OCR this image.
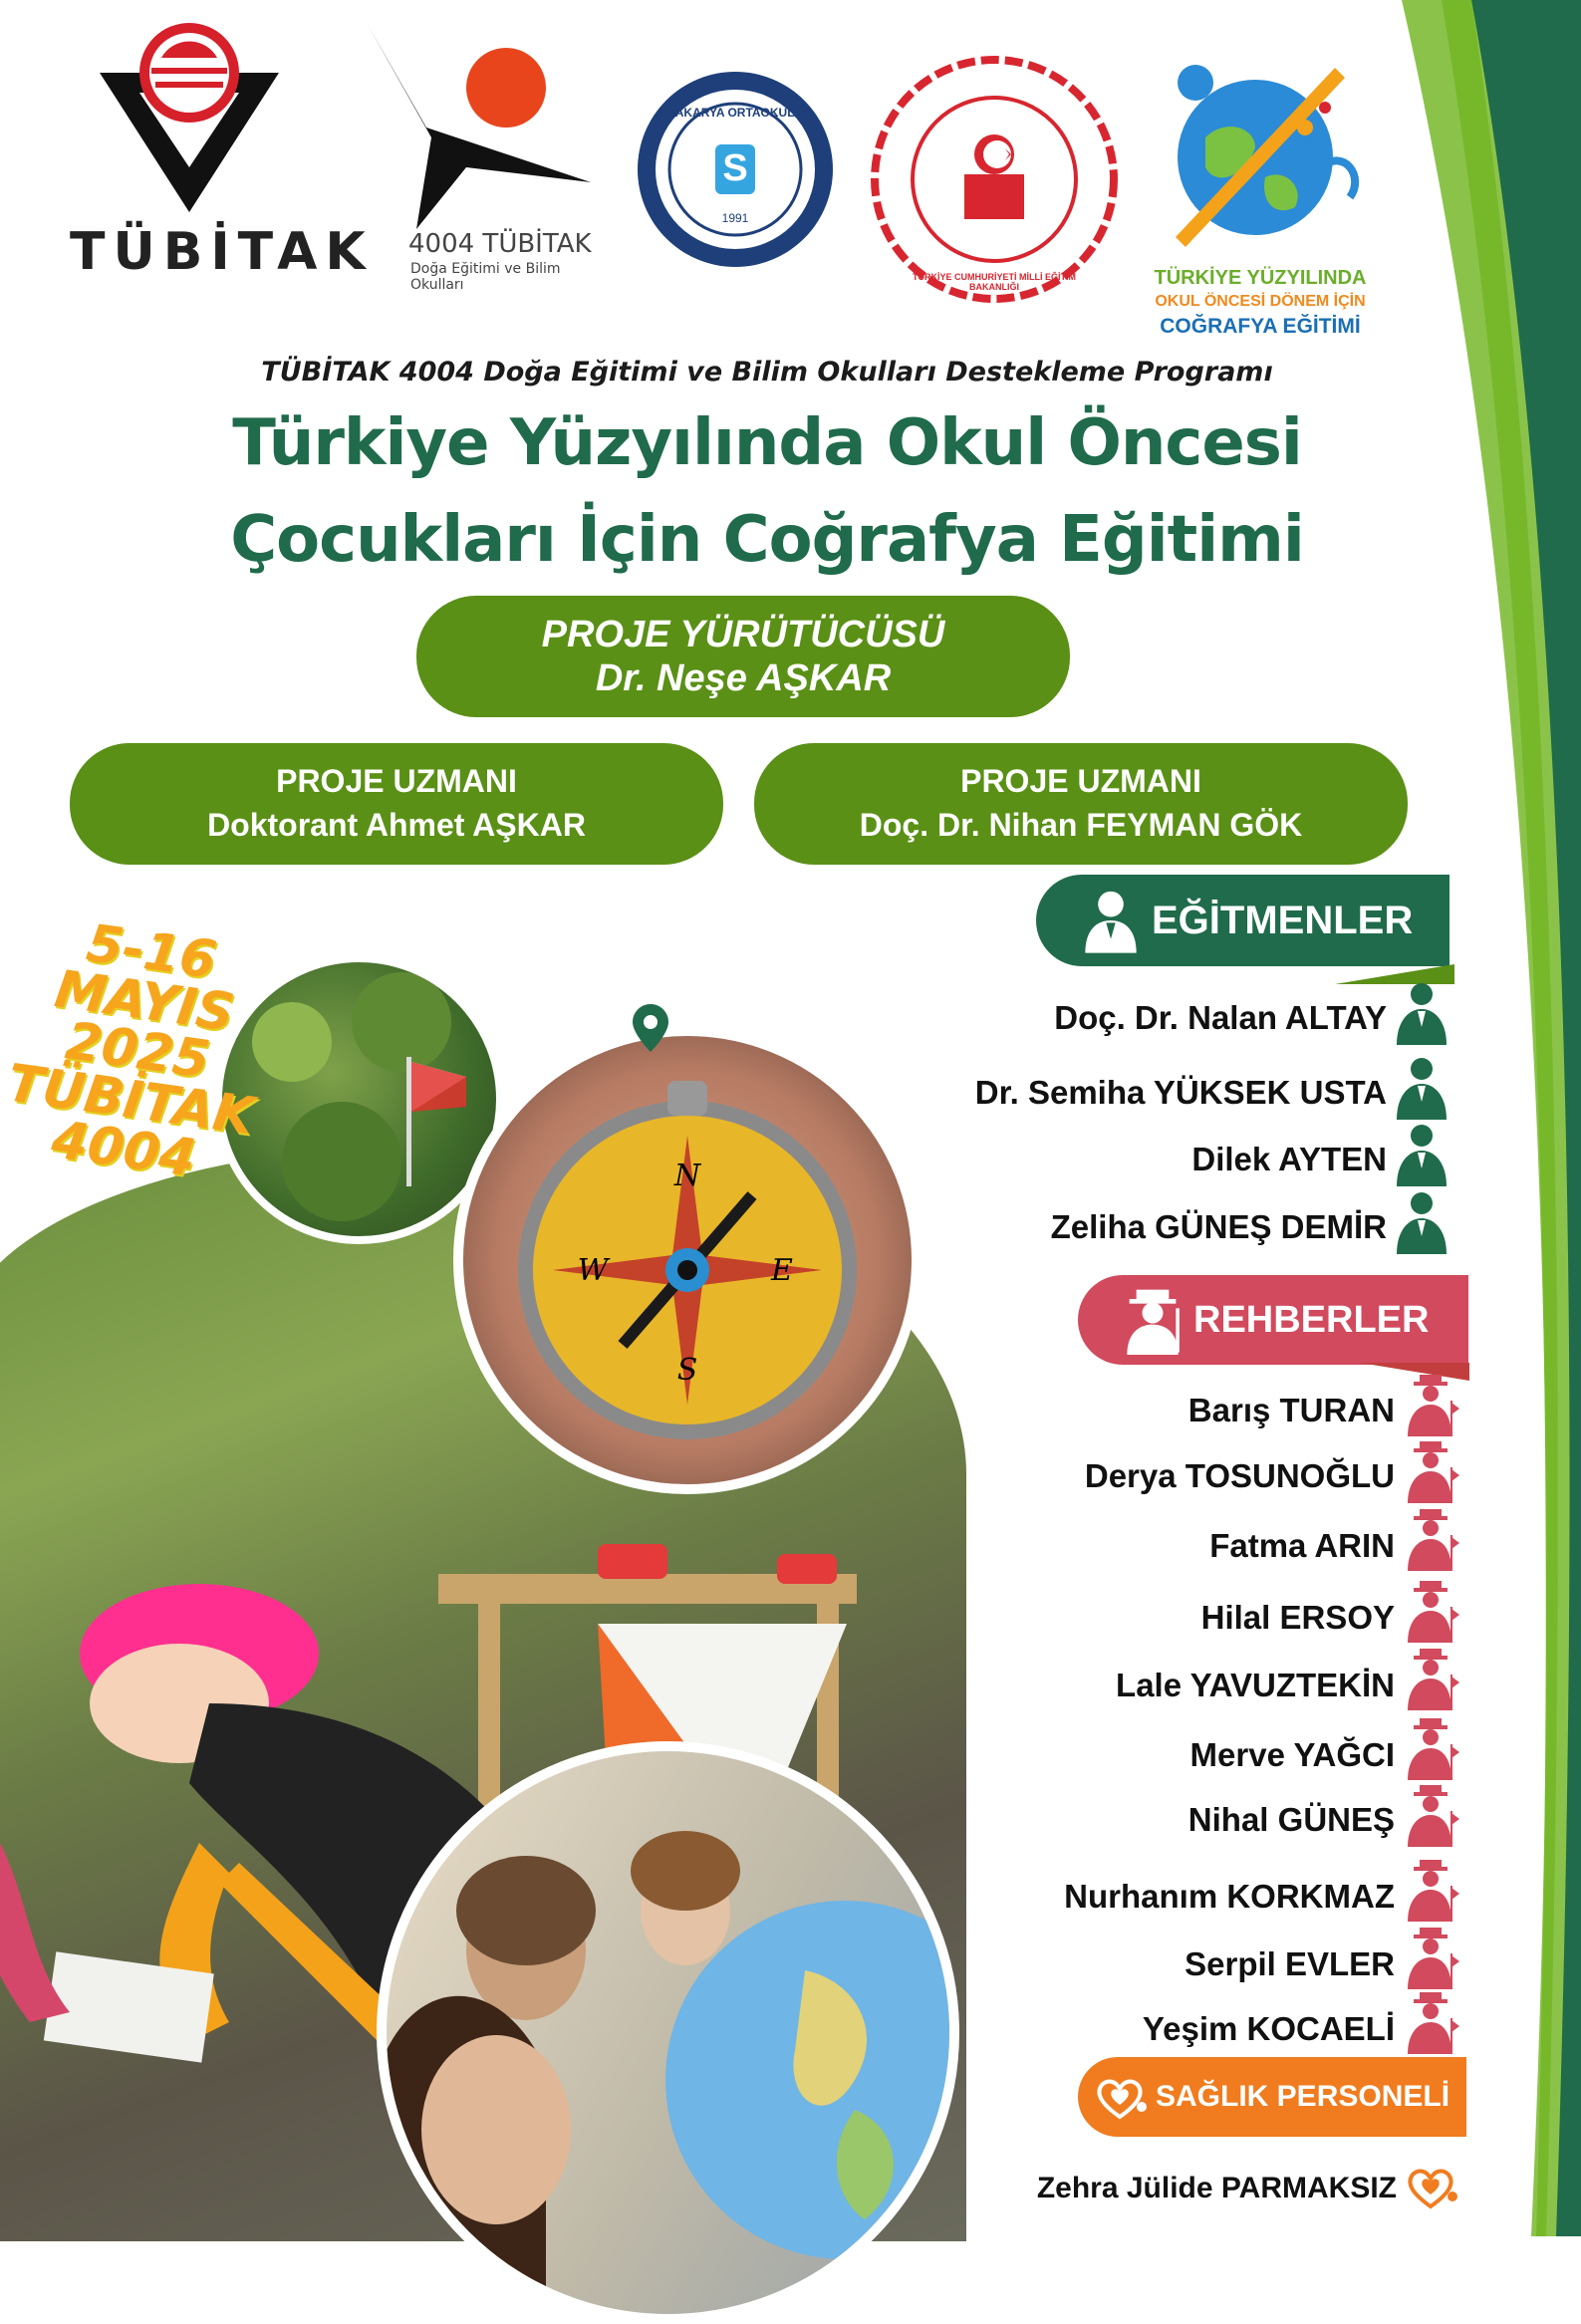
TÜBİTAK 4004 TÜBİTAK
Doğa Eğitimi ve Bilim Okulları
S
SAKARYA ORTAOKULU
1991
TÜRKİYE CUMHURİYETİ MİLLİ EĞİTİM BAKANLIĞI	TÜRKİYE YÜZYILINDA
OKUL ÖNCESİ DÖNEM İÇİN
COĞRAFYA EĞİTİMİ
TÜBİTAK 4004 Doğa Eğitimi ve Bilim Okulları Destekleme Programı
Türkiye Yüzyılında Okul Öncesi
Çocukları İçin Coğrafya Eğitimi
PROJE YÜRÜTÜCÜSÜ
Dr. Neşe AŞKAR
PROJE UZMANI
Doktorant Ahmet AŞKAR
PROJE UZMANI
Doç. Dr. Nihan FEYMAN GÖK
N
S
E
W
5-16 MAYIS 2025 TÜBİTAK 4004
EĞİTMENLER
Doç. Dr. Nalan ALTAY
Dr. Semiha YÜKSEK USTA
Dilek AYTEN
Zeliha GÜNEŞ DEMİR
REHBERLER
Barış TURAN
Derya TOSUNOĞLU
Fatma ARIN
Hilal ERSOY
Lale YAVUZTEKİN
Merve YAĞCI
Nihal GÜNEŞ
Nurhanım KORKMAZ
Serpil EVLER
Yeşim KOCAELİ
SAĞLIK PERSONELİ
Zehra Jülide PARMAKSIZ
